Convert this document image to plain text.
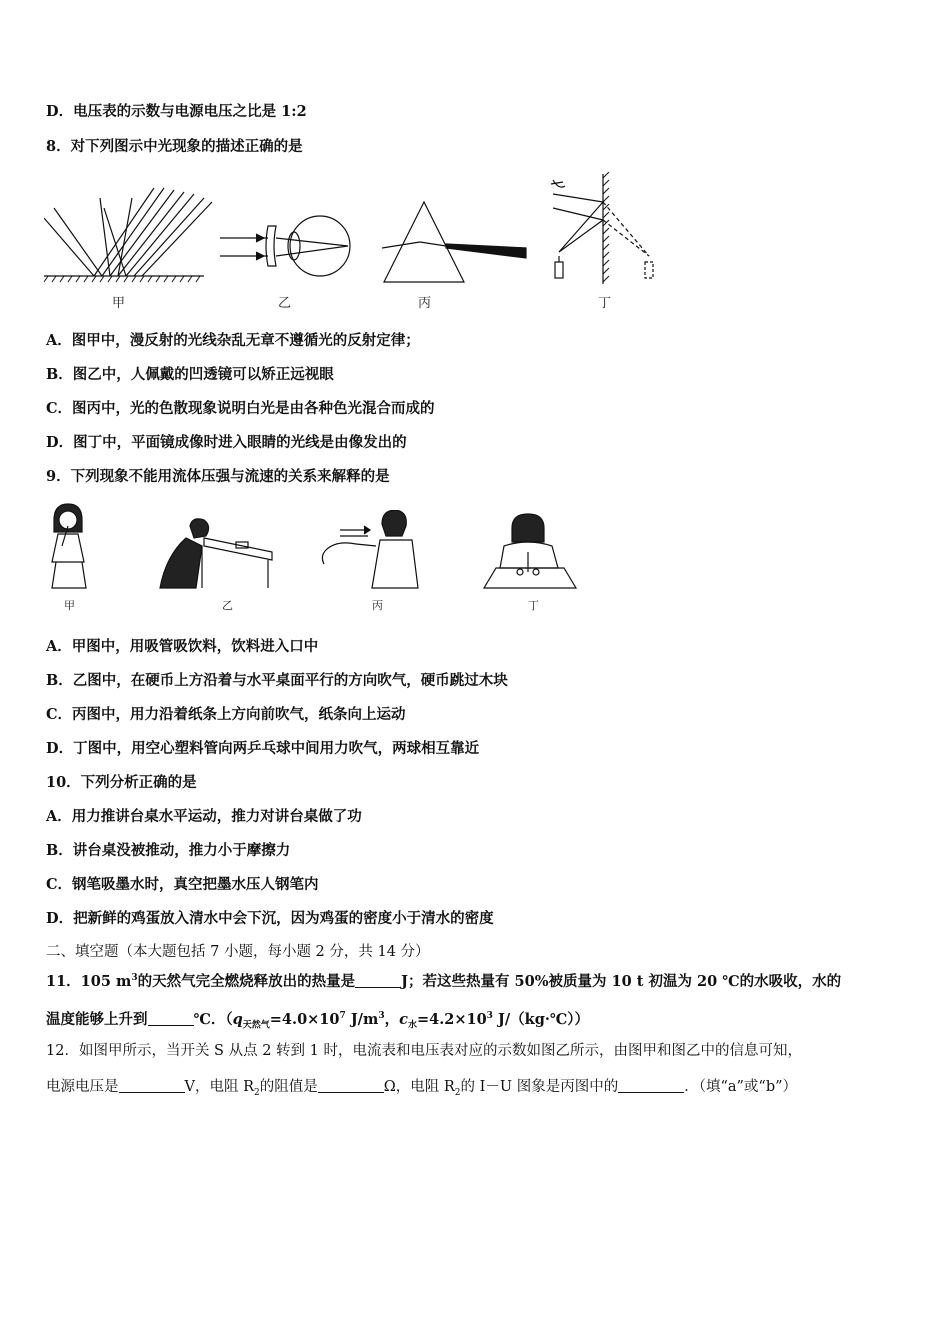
D．电压表的示数与电源电压之比是 1:2
8．对下列图示中光现象的描述正确的是
甲	乙	丙	丁
A．图甲中，漫反射的光线杂乱无章不遵循光的反射定律；
B．图乙中，人佩戴的凹透镜可以矫正远视眼
C．图丙中，光的色散现象说明白光是由各种色光混合而成的
D．图丁中，平面镜成像时进入眼睛的光线是由像发出的
9．下列现象不能用流体压强与流速的关系来解释的是
甲	乙	丙	丁
A．甲图中，用吸管吸饮料，饮料进入口中
B．乙图中，在硬币上方沿着与水平桌面平行的方向吹气，硬币跳过木块
C．丙图中，用力沿着纸条上方向前吹气，纸条向上运动
D．丁图中，用空心塑料管向两乒乓球中间用力吹气，两球相互靠近
10．下列分析正确的是
A．用力推讲台桌水平运动，推力对讲台桌做了功
B．讲台桌没被推动，推力小于摩擦力
C．钢笔吸墨水时，真空把墨水压人钢笔内
D．把新鲜的鸡蛋放入清水中会下沉，因为鸡蛋的密度小于清水的密度
二、填空题（本大题包括 7 小题，每小题 2 分，共 14 分）
11．105 $m^3$的天然气完全燃烧释放出的热量是	J；若这些热量有 50%被质量为 10 t 初温为 20 ℃的水吸收，水的
温度能够上升到	℃．（$q_{天然气}=4.0\times 10^7$ $J/m^3$，$c_水=4.2\times 10^3$ J/（kg·℃））
12．如图甲所示，当开关 S 从点 2 转到 1 时，电流表和电压表对应的示数如图乙所示，由图甲和图乙中的信息可知，
电源电压是	V，电阻 $R_2$的阻值是	Ω，电阻 $R_2$的 I－U 图象是丙图中的	．（填“a”或“b”）
